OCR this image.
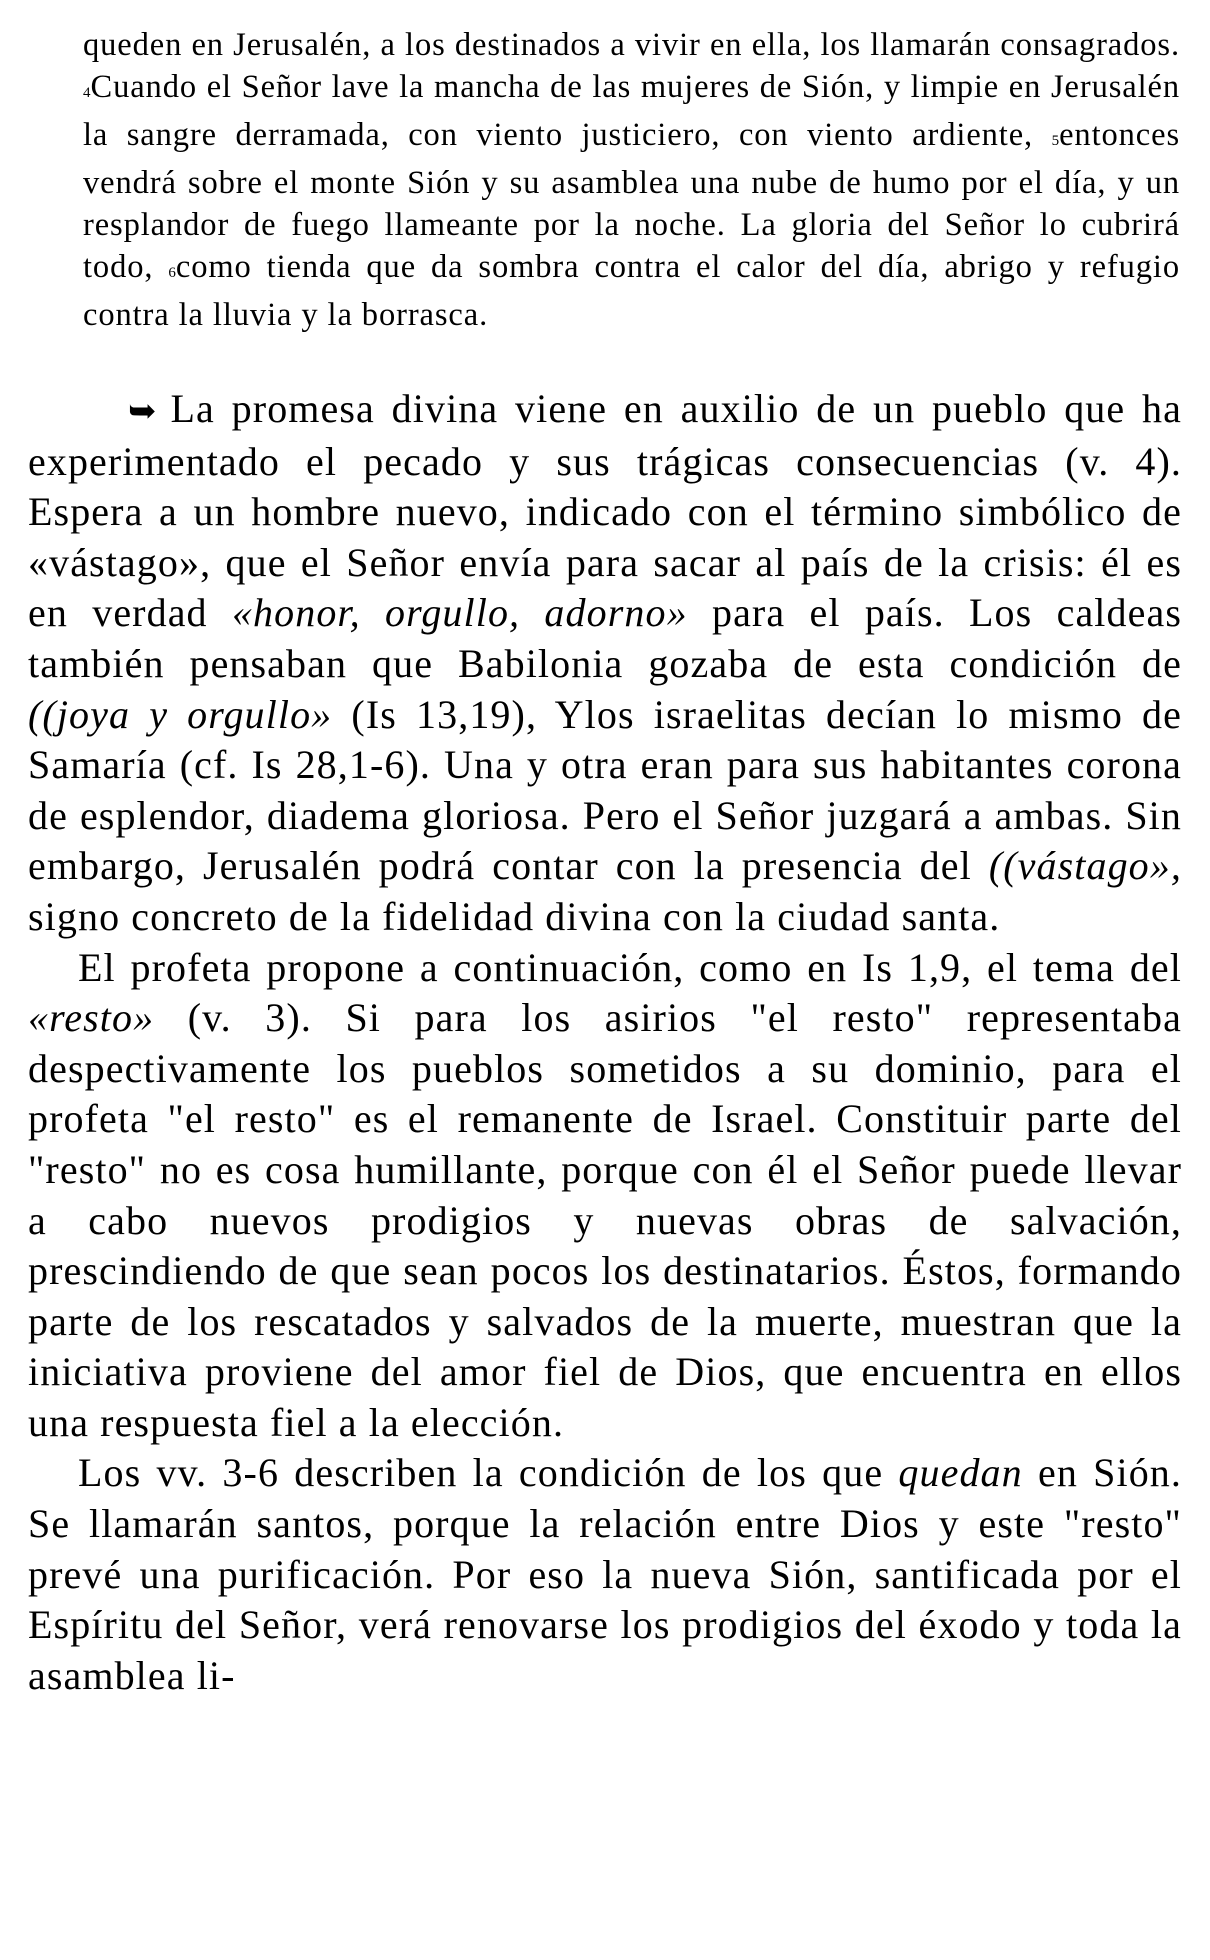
queden en Jerusalén, a los destinados a vivir en ella, los llamarán consagrados. 4Cuando el Señor lave la mancha de las mujeres de Sión, y limpie en Jerusalén la sangre derramada, con viento justiciero, con viento ardiente, 5entonces vendrá sobre el monte Sión y su asamblea una nube de humo por el día, y un resplandor de fuego llameante por la noche. La gloria del Señor lo cubrirá todo, 6como tienda que da sombra contra el calor del día, abrigo y refugio contra la lluvia y la borrasca.

➥ La promesa divina viene en auxilio de un pueblo que ha experimentado el pecado y sus trágicas consecuencias (v. 4). Espera a un hombre nuevo, indicado con el término simbólico de «vástago», que el Señor envía para sacar al país de la crisis: él es en verdad «honor, orgullo, adorno» para el país. Los caldeas también pensaban que Babilonia gozaba de esta condición de ((joya y orgullo» (Is 13,19), Ylos israelitas decían lo mismo de Samaría (cf. Is 28,1-6). Una y otra eran para sus habitantes corona de esplendor, diadema gloriosa. Pero el Señor juzgará a ambas. Sin embargo, Jerusalén podrá contar con la presencia del ((vástago», signo concreto de la fidelidad divina con la ciudad santa.

El profeta propone a continuación, como en Is 1,9, el tema del «resto» (v. 3). Si para los asirios "el resto" representaba despectivamente los pueblos sometidos a su dominio, para el profeta "el resto" es el remanente de Israel. Constituir parte del "resto" no es cosa humillante, porque con él el Señor puede llevar a cabo nuevos prodigios y nuevas obras de salvación, prescindiendo de que sean pocos los destinatarios. Éstos, formando parte de los rescatados y salvados de la muerte, muestran que la iniciativa proviene del amor fiel de Dios, que encuentra en ellos una respuesta fiel a la elección.

Los vv. 3-6 describen la condición de los que quedan en Sión. Se llamarán santos, porque la relación entre Dios y este "resto" prevé una purificación. Por eso la nueva Sión, santificada por el Espíritu del Señor, verá renovarse los prodigios del éxodo y toda la asamblea li-
